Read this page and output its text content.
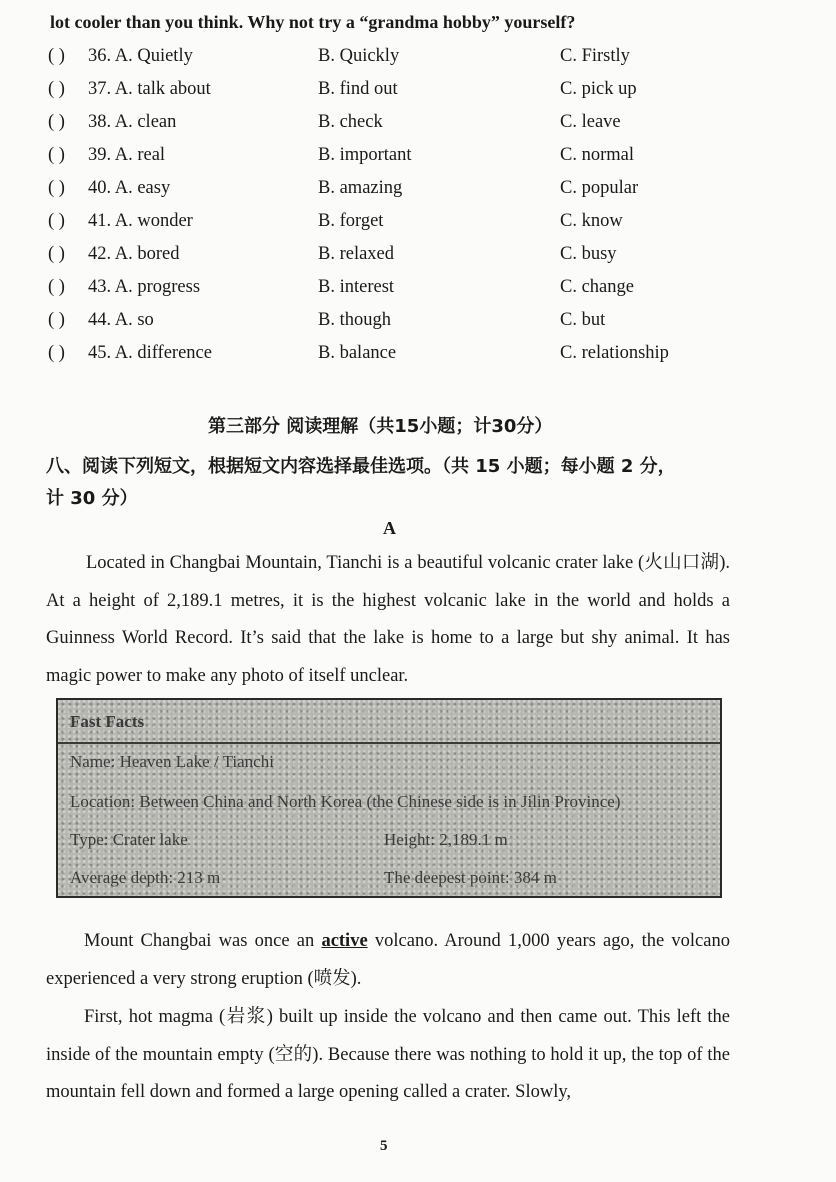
lot cooler than you think. Why not try a “grandma hobby” yourself?
( ) 36. A. Quietly	B. Quickly	C. Firstly
( ) 37. A. talk about	B. find out	C. pick up
( ) 38. A. clean	B. check	C. leave
( ) 39. A. real	B. important	C. normal
( ) 40. A. easy	B. amazing	C. popular
( ) 41. A. wonder	B. forget	C. know
( ) 42. A. bored	B. relaxed	C. busy
( ) 43. A. progress	B. interest	C. change
( ) 44. A. so	B. though	C. but
( ) 45. A. difference	B. balance	C. relationship
第三部分 阅读理解（共15小题；计30分）
八、阅读下列短文，根据短文内容选择最佳选项。（共 15 小题；每小题 2 分，
计 30 分）
A
Located in Changbai Mountain, Tianchi is a beautiful volcanic crater lake (火山口湖). At a height of 2,189.1 metres, it is the highest volcanic lake in the world and holds a Guinness World Record. It’s said that the lake is home to a large but shy animal. It has magic power to make any photo of itself unclear.
Fast Facts
Name: Heaven Lake / Tianchi
Location: Between China and North Korea (the Chinese side is in Jilin Province)
Type: Crater lake	Height: 2,189.1 m
Average depth: 213 m	The deepest point: 384 m
Mount Changbai was once an active volcano. Around 1,000 years ago, the volcano experienced a very strong eruption (喷发).
First, hot magma (岩浆) built up inside the volcano and then came out. This left the inside of the mountain empty (空的). Because there was nothing to hold it up, the top of the mountain fell down and formed a large opening called a crater. Slowly,
5
